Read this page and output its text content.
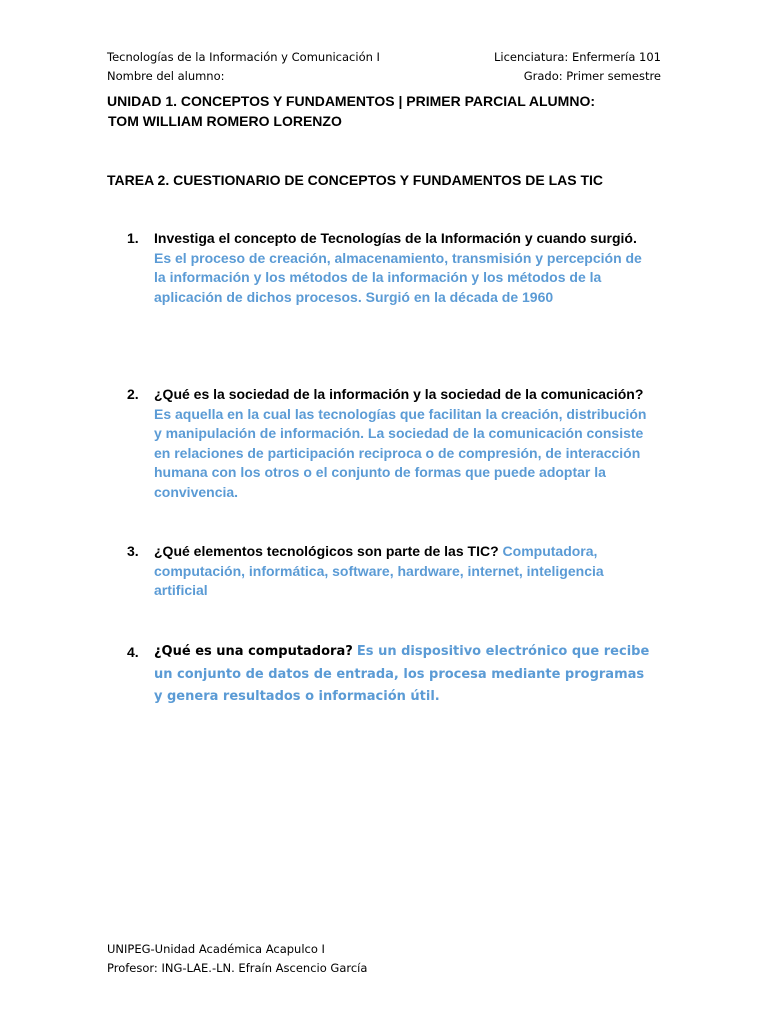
Tecnologías de la Información y Comunicación I	Licenciatura: Enfermería 101
Nombre del alumno:	Grado: Primer semestre
UNIDAD 1. CONCEPTOS Y FUNDAMENTOS | PRIMER PARCIAL ALUMNO:
TOM WILLIAM ROMERO LORENZO
TAREA 2. CUESTIONARIO DE CONCEPTOS Y FUNDAMENTOS DE LAS TIC
1.	Investiga el concepto de Tecnologías de la Información y cuando surgió. Es el proceso de creación, almacenamiento, transmisión y percepción de la información y los métodos de la información y los métodos de la aplicación de dichos procesos. Surgió en la década de 1960
2.	¿Qué es la sociedad de la información y la sociedad de la comunicación? Es aquella en la cual las tecnologías que facilitan la creación, distribución y manipulación de información. La sociedad de la comunicación consiste en relaciones de participación reciproca o de compresión, de interacción humana con los otros o el conjunto de formas que puede adoptar la convivencia.
3.	¿Qué elementos tecnológicos son parte de las TIC? Computadora, computación, informática, software, hardware, internet, inteligencia artificial
4.	¿Qué es una computadora? Es un dispositivo electrónico que recibe un conjunto de datos de entrada, los procesa mediante programas y genera resultados o información útil.
UNIPEG-Unidad Académica Acapulco I
Profesor: ING-LAE.-LN. Efraín Ascencio García
